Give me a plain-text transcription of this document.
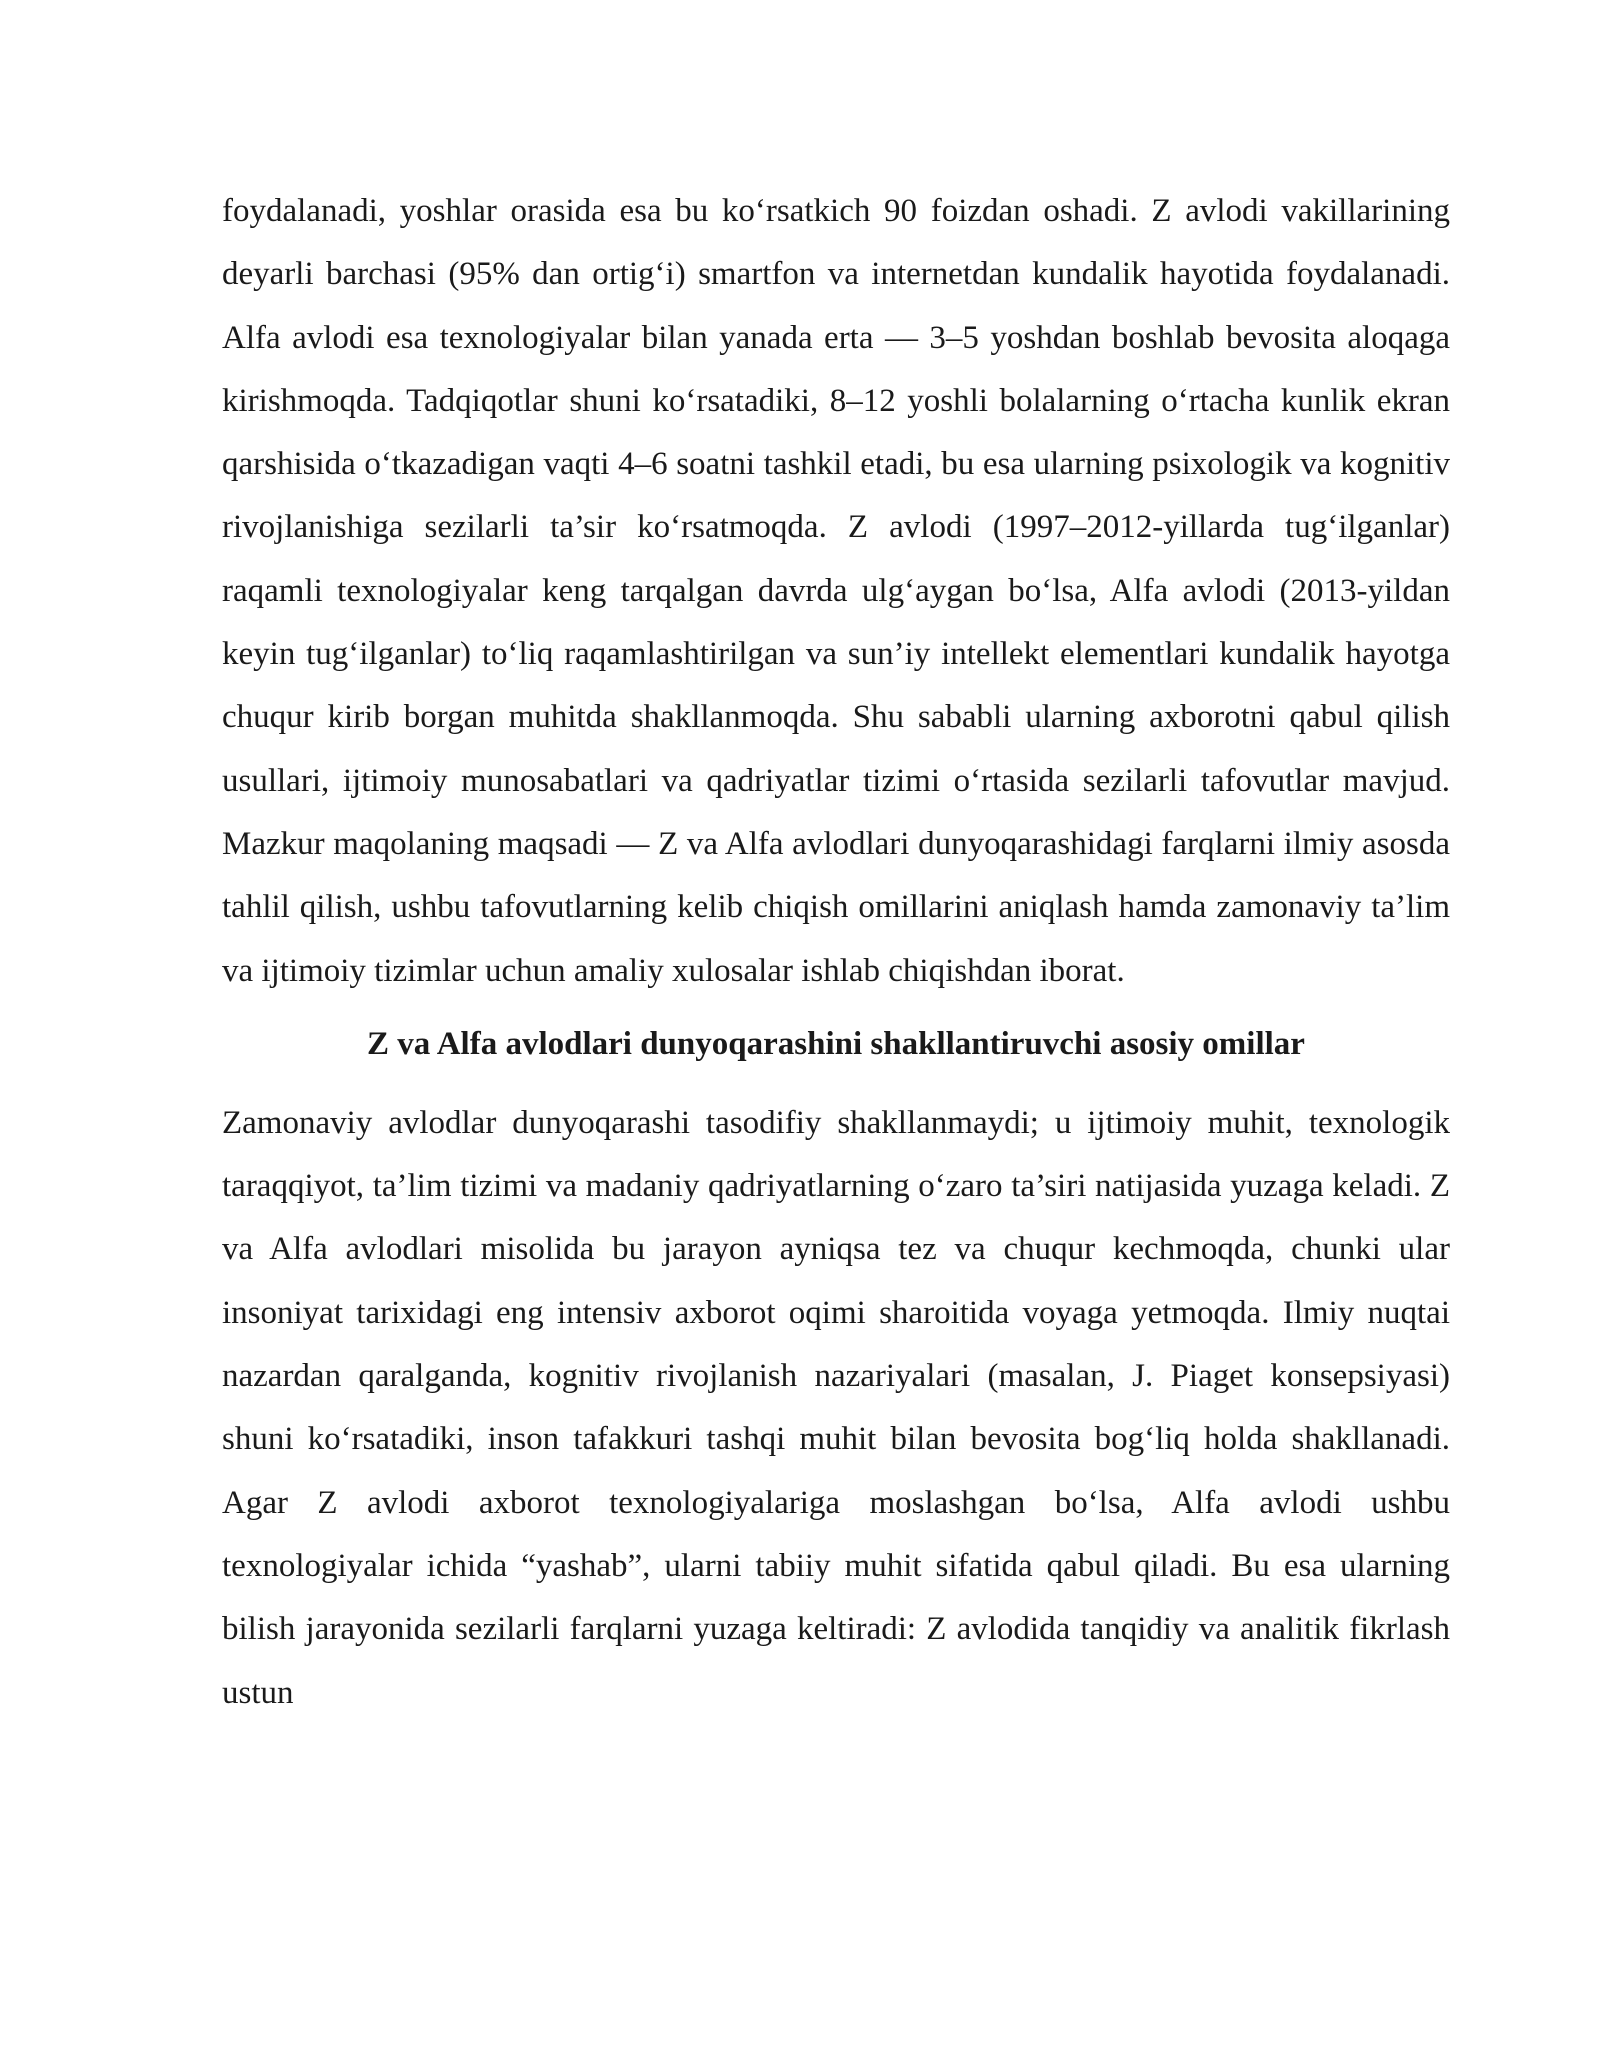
foydalanadi, yoshlar orasida esa bu ko‘rsatkich 90 foizdan oshadi. Z avlodi vakillarining deyarli barchasi (95% dan ortig‘i) smartfon va internetdan kundalik hayotida foydalanadi. Alfa avlodi esa texnologiyalar bilan yanada erta — 3–5 yoshdan boshlab bevosita aloqaga kirishmoqda. Tadqiqotlar shuni ko‘rsatadiki, 8–12 yoshli bolalarning o‘rtacha kunlik ekran qarshisida o‘tkazadigan vaqti 4–6 soatni tashkil etadi, bu esa ularning psixologik va kognitiv rivojlanishiga sezilarli ta’sir ko‘rsatmoqda. Z avlodi (1997–2012-yillarda tug‘ilganlar) raqamli texnologiyalar keng tarqalgan davrda ulg‘aygan bo‘lsa, Alfa avlodi (2013-yildan keyin tug‘ilganlar) to‘liq raqamlashtirilgan va sun’iy intellekt elementlari kundalik hayotga chuqur kirib borgan muhitda shakllanmoqda. Shu sababli ularning axborotni qabul qilish usullari, ijtimoiy munosabatlari va qadriyatlar tizimi o‘rtasida sezilarli tafovutlar mavjud. Mazkur maqolaning maqsadi — Z va Alfa avlodlari dunyoqarashidagi farqlarni ilmiy asosda tahlil qilish, ushbu tafovutlarning kelib chiqish omillarini aniqlash hamda zamonaviy ta’lim va ijtimoiy tizimlar uchun amaliy xulosalar ishlab chiqishdan iborat.

Z va Alfa avlodlari dunyoqarashini shakllantiruvchi asosiy omillar

Zamonaviy avlodlar dunyoqarashi tasodifiy shakllanmaydi; u ijtimoiy muhit, texnologik taraqqiyot, ta’lim tizimi va madaniy qadriyatlarning o‘zaro ta’siri natijasida yuzaga keladi. Z va Alfa avlodlari misolida bu jarayon ayniqsa tez va chuqur kechmoqda, chunki ular insoniyat tarixidagi eng intensiv axborot oqimi sharoitida voyaga yetmoqda. Ilmiy nuqtai nazardan qaralganda, kognitiv rivojlanish nazariyalari (masalan, J. Piaget konsepsiyasi) shuni ko‘rsatadiki, inson tafakkuri tashqi muhit bilan bevosita bog‘liq holda shakllanadi. Agar Z avlodi axborot texnologiyalariga moslashgan bo‘lsa, Alfa avlodi ushbu texnologiyalar ichida “yashab”, ularni tabiiy muhit sifatida qabul qiladi. Bu esa ularning bilish jarayonida sezilarli farqlarni yuzaga keltiradi: Z avlodida tanqidiy va analitik fikrlash ustun
